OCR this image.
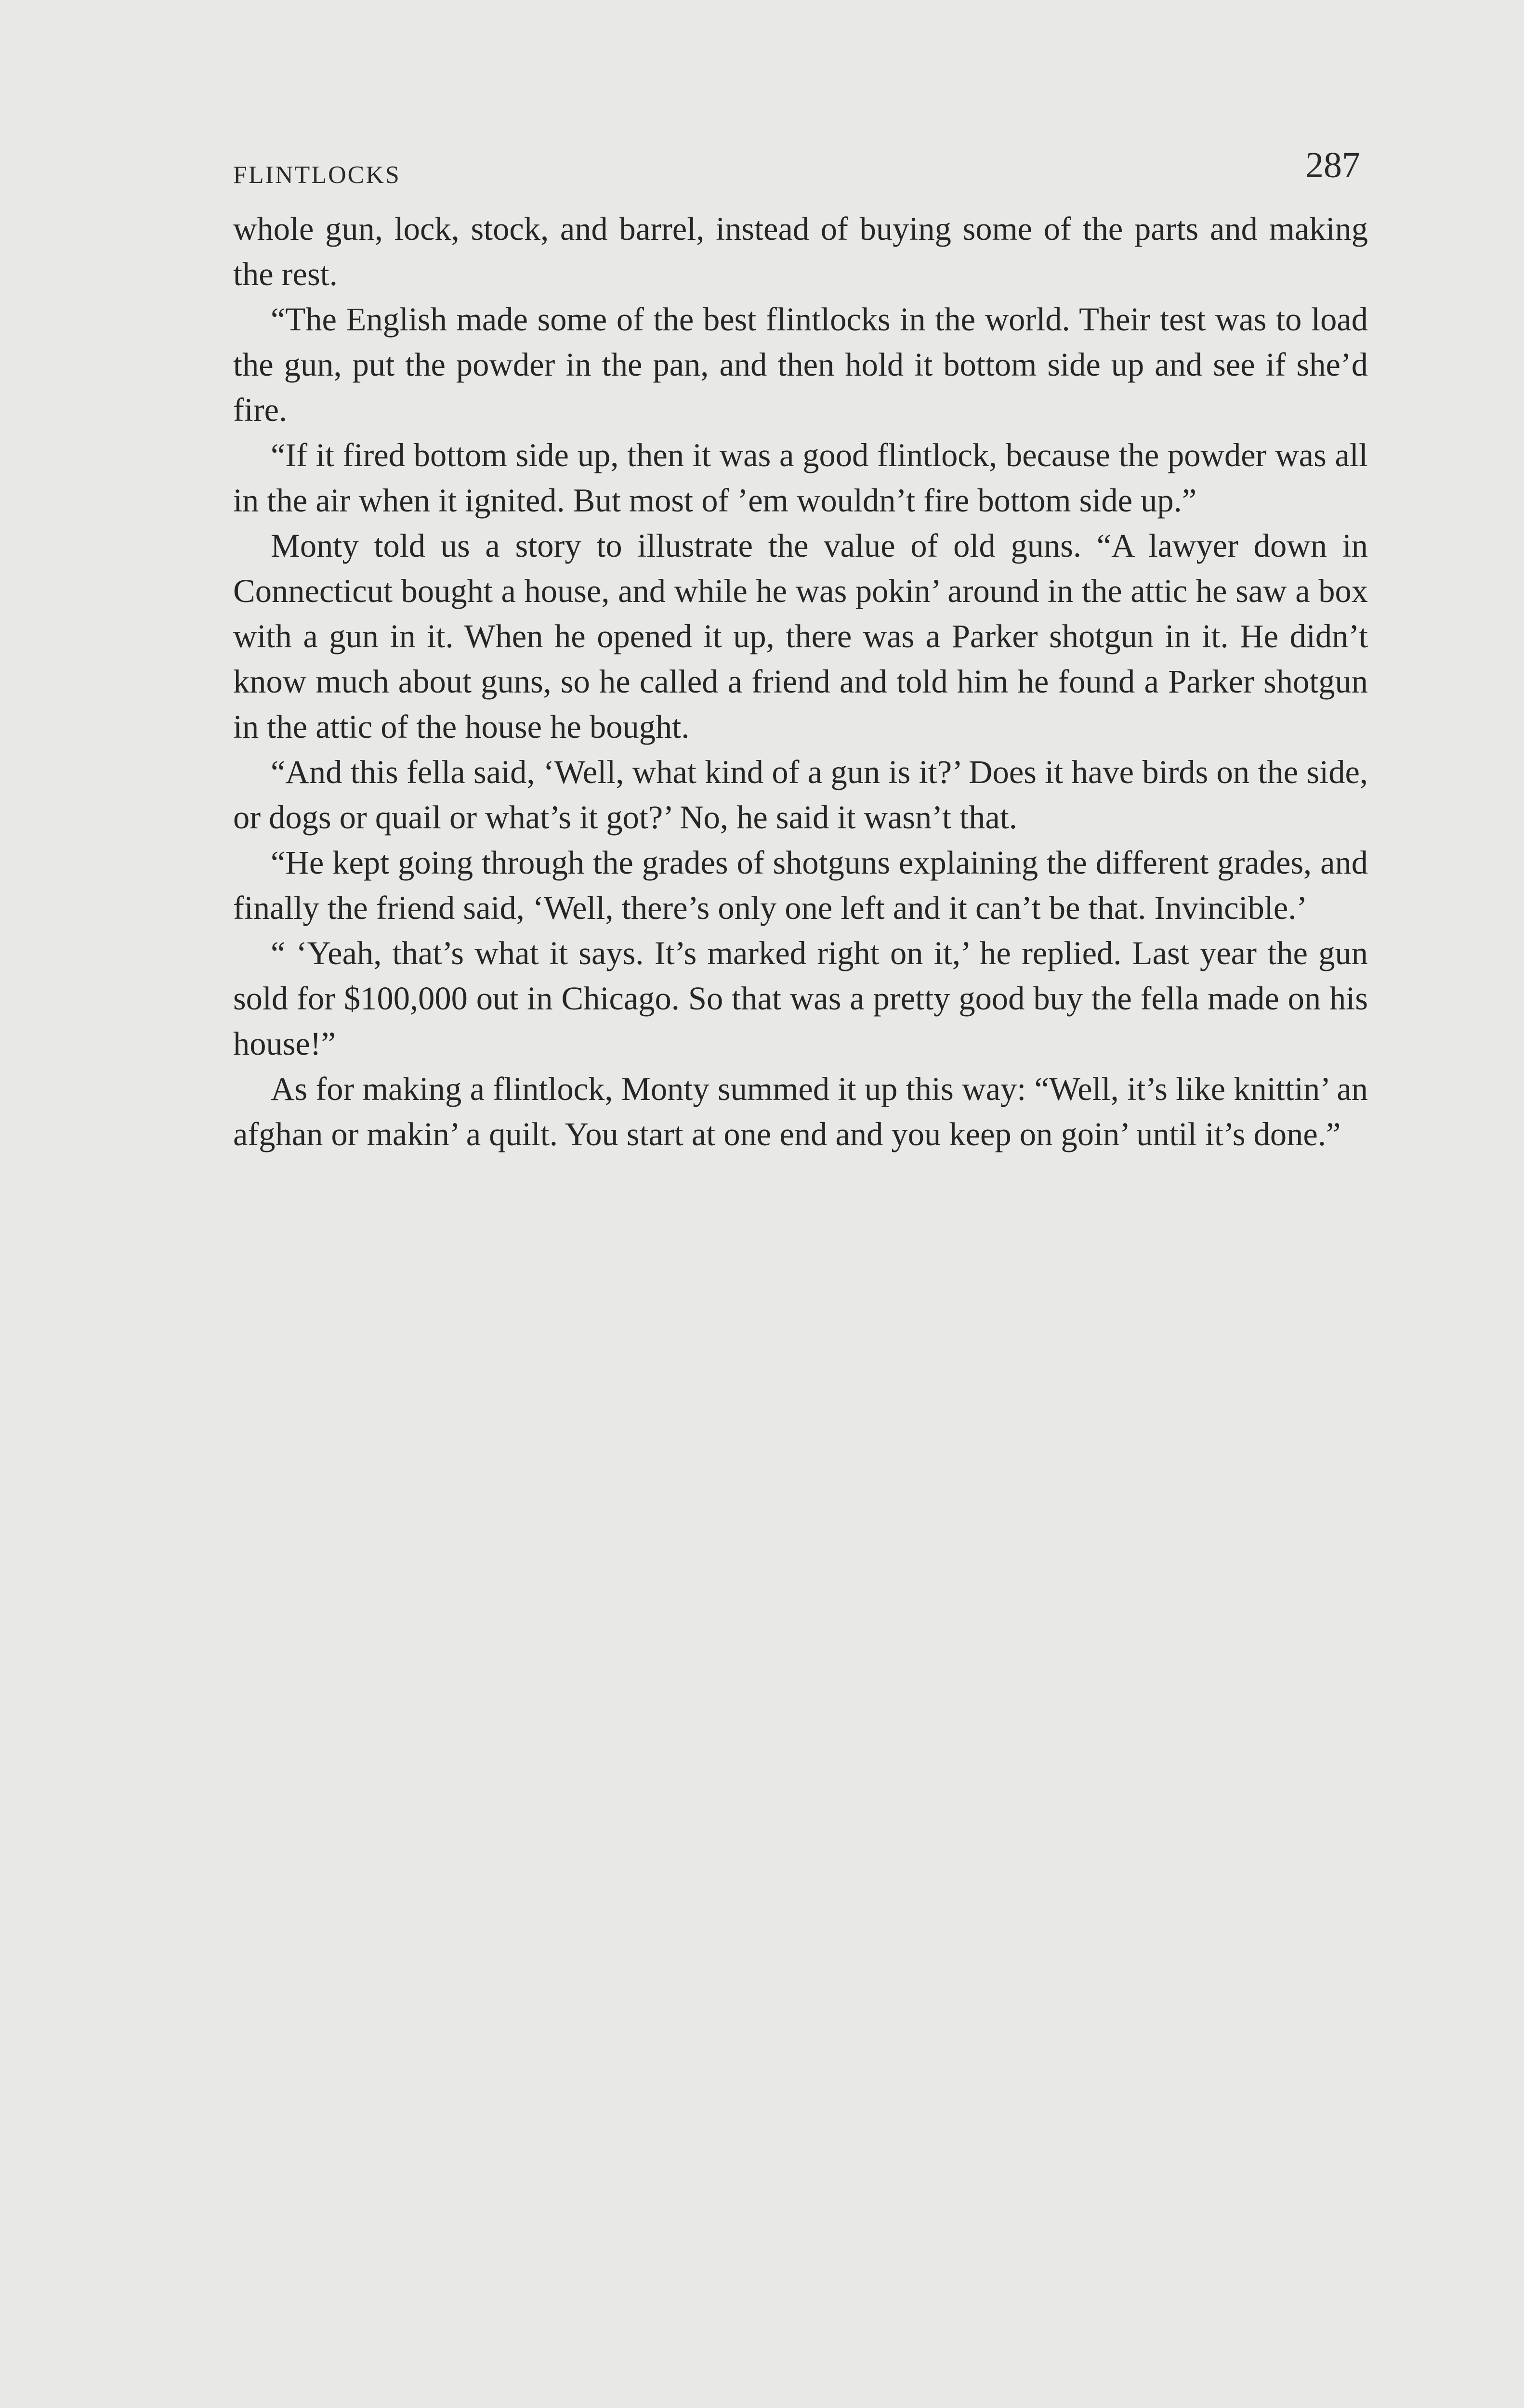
FLINTLOCKS	287

whole gun, lock, stock, and barrel, instead of buying some of the parts and making the rest.

“The English made some of the best flintlocks in the world. Their test was to load the gun, put the powder in the pan, and then hold it bottom side up and see if she’d fire.

“If it fired bottom side up, then it was a good flintlock, because the powder was all in the air when it ignited. But most of ’em wouldn’t fire bottom side up.”

Monty told us a story to illustrate the value of old guns. “A lawyer down in Connecticut bought a house, and while he was pokin’ around in the attic he saw a box with a gun in it. When he opened it up, there was a Parker shotgun in it. He didn’t know much about guns, so he called a friend and told him he found a Parker shotgun in the attic of the house he bought.

“And this fella said, ‘Well, what kind of a gun is it?’ Does it have birds on the side, or dogs or quail or what’s it got?’ No, he said it wasn’t that.

“He kept going through the grades of shotguns explaining the different grades, and finally the friend said, ‘Well, there’s only one left and it can’t be that. Invincible.’

“ ‘Yeah, that’s what it says. It’s marked right on it,’ he replied. Last year the gun sold for $100,000 out in Chicago. So that was a pretty good buy the fella made on his house!”

As for making a flintlock, Monty summed it up this way: “Well, it’s like knittin’ an afghan or makin’ a quilt. You start at one end and you keep on goin’ until it’s done.”
